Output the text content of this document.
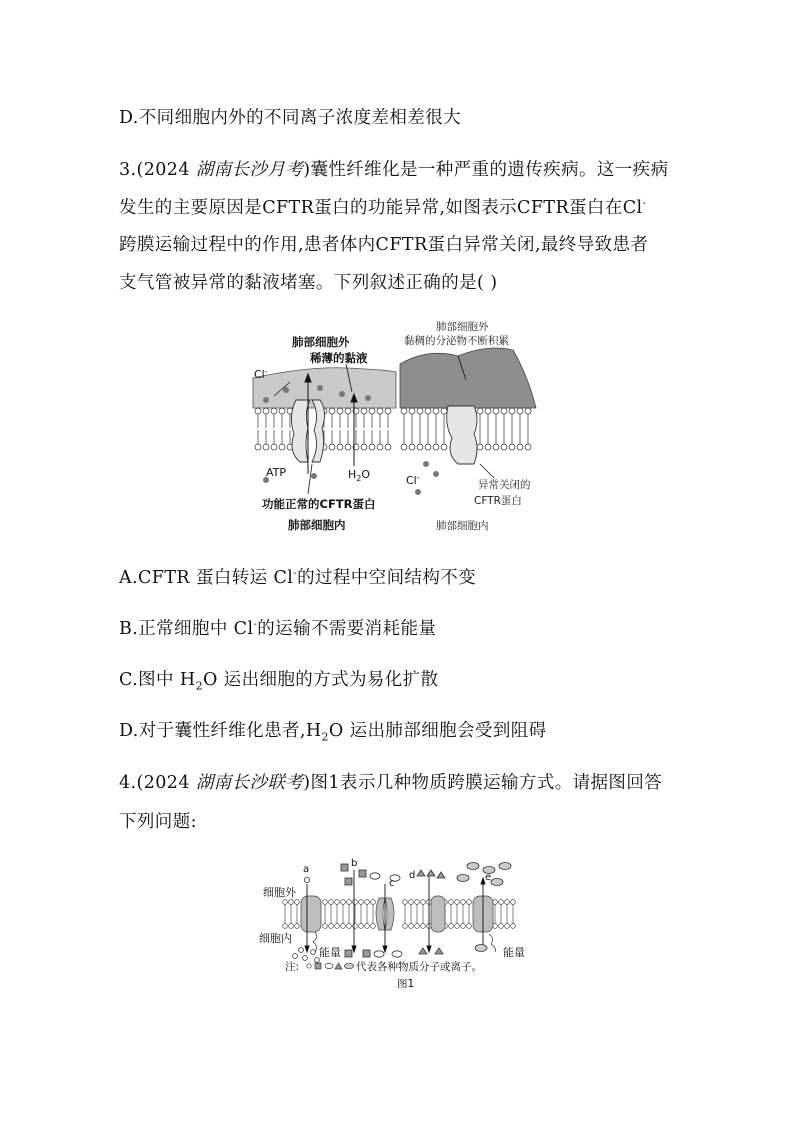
D.不同细胞内外的不同离子浓度差相差很大
3.(2024 湖南长沙月考)囊性纤维化是一种严重的遗传疾病。这一疾病
发生的主要原因是CFTR蛋白的功能异常,如图表示CFTR蛋白在Cl-
跨膜运输过程中的作用,患者体内CFTR蛋白异常关闭,最终导致患者
支气管被异常的黏液堵塞。下列叙述正确的是( )
肺部细胞外
稀薄的黏液
Cl-
ATP	$H_2O$
功能正常的CFTR蛋白
肺部细胞内
肺部细胞外
黏稠的分泌物不断积累
Cl-
异常关闭的
CFTR蛋白
肺部细胞内
A.CFTR 蛋白转运 Cl-的过程中空间结构不变
B.正常细胞中 Cl-的运输不需要消耗能量
C.图中 $H_2O$ 运出细胞的方式为易化扩散
D.对于囊性纤维化患者$,H_2O$ 运出肺部细胞会受到阻碍
4.(2024 湖南长沙联考)图1表示几种物质跨膜运输方式。请据图回答
下列问题:
细胞外
细胞内
a
b
c
d	e
能量	能量
注:	代表各种物质分子或离子。
图1
